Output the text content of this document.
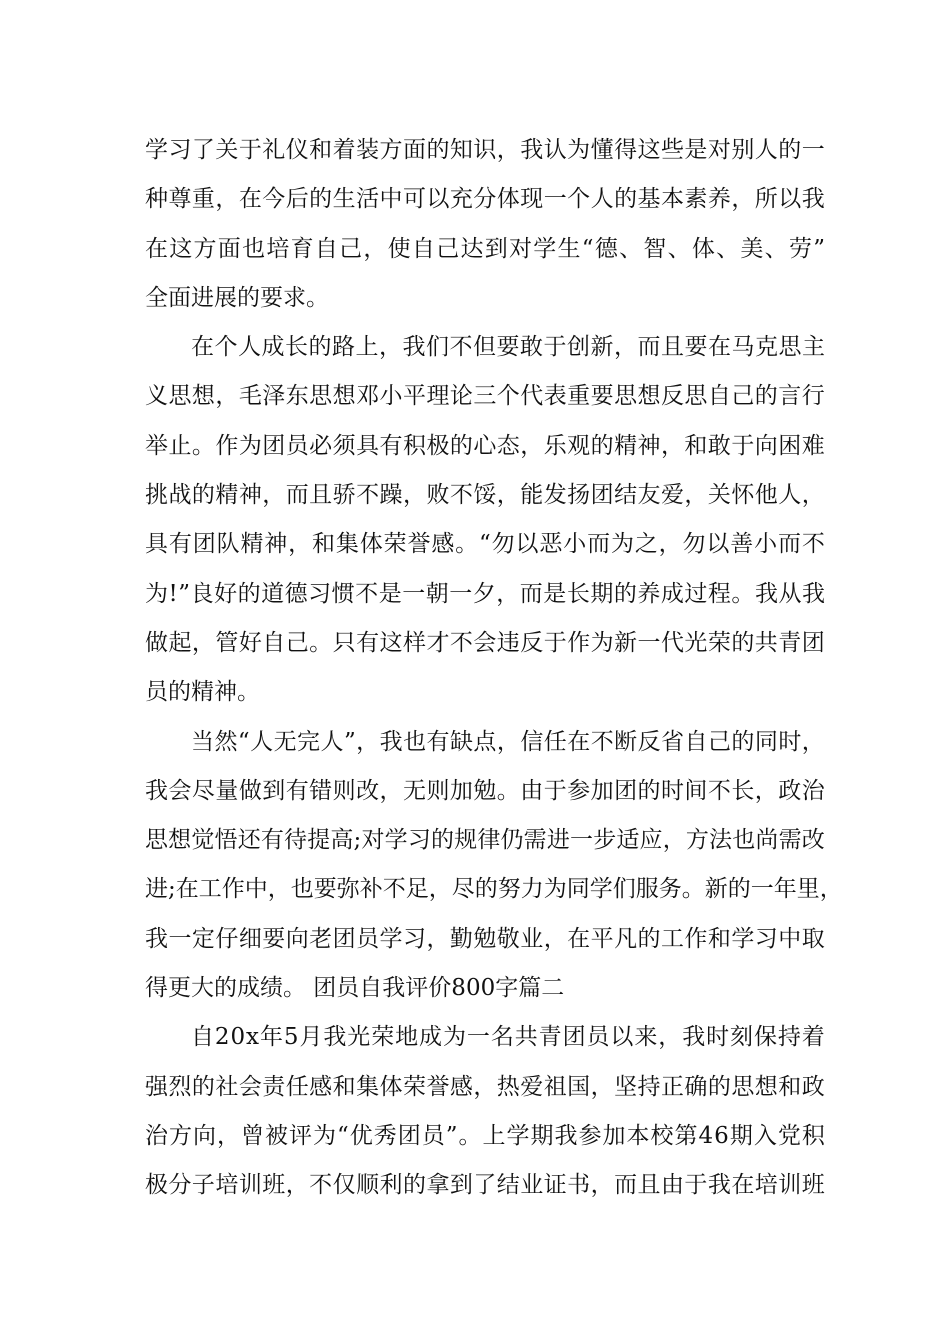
学 习 了 关 于 礼 仪 和 着 装 方 面 的 知 识 ， 我 认 为 懂 得 这 些 是 对 别 人 的 一
种 尊 重 ， 在 今 后 的 生 活 中 可 以 充 分 体 现 一 个 人 的 基 本 素 养 ， 所 以 我
在 这 方 面 也 培 育 自 己 ， 使 自 己 达 到 对 学 生 “ 德 、 智 、 体 、 美 、 劳 ”
全面进展的要求。
在 个 人 成 长 的 路 上 ， 我 们 不 但 要 敢 于 创 新 ， 而 且 要 在 马 克 思 主
义 思 想 ， 毛 泽 东 思 想 邓 小 平 理 论 三 个 代 表 重 要 思 想 反 思 自 己 的 言 行
举 止 。 作 为 团 员 必 须 具 有 积 极 的 心 态 ， 乐 观 的 精 神 ， 和 敢 于 向 困 难
挑 战 的 精 神 ， 而 且 骄 不 躁 ， 败 不 馁 ， 能 发 扬 团 结 友 爱 ， 关 怀 他 人 ，
具 有 团 队 精 神 ， 和 集 体 荣 誉 感 。 “ 勿 以 恶 小 而 为 之 ， 勿 以 善 小 而 不
为 ! ” 良 好 的 道 德 习 惯 不 是 一 朝 一 夕 ， 而 是 长 期 的 养 成 过 程 。 我 从 我
做 起 ， 管 好 自 己 。 只 有 这 样 才 不 会 违 反 于 作 为 新 一 代 光 荣 的 共 青 团
员的精神。
当 然 “ 人 无 完 人 ” ， 我 也 有 缺 点 ， 信 任 在 不 断 反 省 自 己 的 同 时 ，
我 会 尽 量 做 到 有 错 则 改 ， 无 则 加 勉 。 由 于 参 加 团 的 时 间 不 长 ， 政 治
思 想 觉 悟 还 有 待 提 高 ; 对 学 习 的 规 律 仍 需 进 一 步 适 应 ， 方 法 也 尚 需 改
进 ; 在 工 作 中 ， 也 要 弥 补 不 足 ， 尽 的 努 力 为 同 学 们 服 务 。 新 的 一 年 里 ，
我 一 定 仔 细 要 向 老 团 员 学 习 ， 勤 勉 敬 业 ， 在 平 凡 的 工 作 和 学 习 中 取
得更大的成绩。 团员自我评价800字篇二
自 2 0 x 年 5 月 我 光 荣 地 成 为 一 名 共 青 团 员 以 来 ， 我 时 刻 保 持 着
强 烈 的 社 会 责 任 感 和 集 体 荣 誉 感 ， 热 爱 祖 国 ， 坚 持 正 确 的 思 想 和 政
治 方 向 ， 曾 被 评 为 “ 优 秀 团 员 ” 。 上 学 期 我 参 加 本 校 第 4 6 期 入 党 积
极 分 子 培 训 班 ， 不 仅 顺 利 的 拿 到 了 结 业 证 书 ， 而 且 由 于 我 在 培 训 班
